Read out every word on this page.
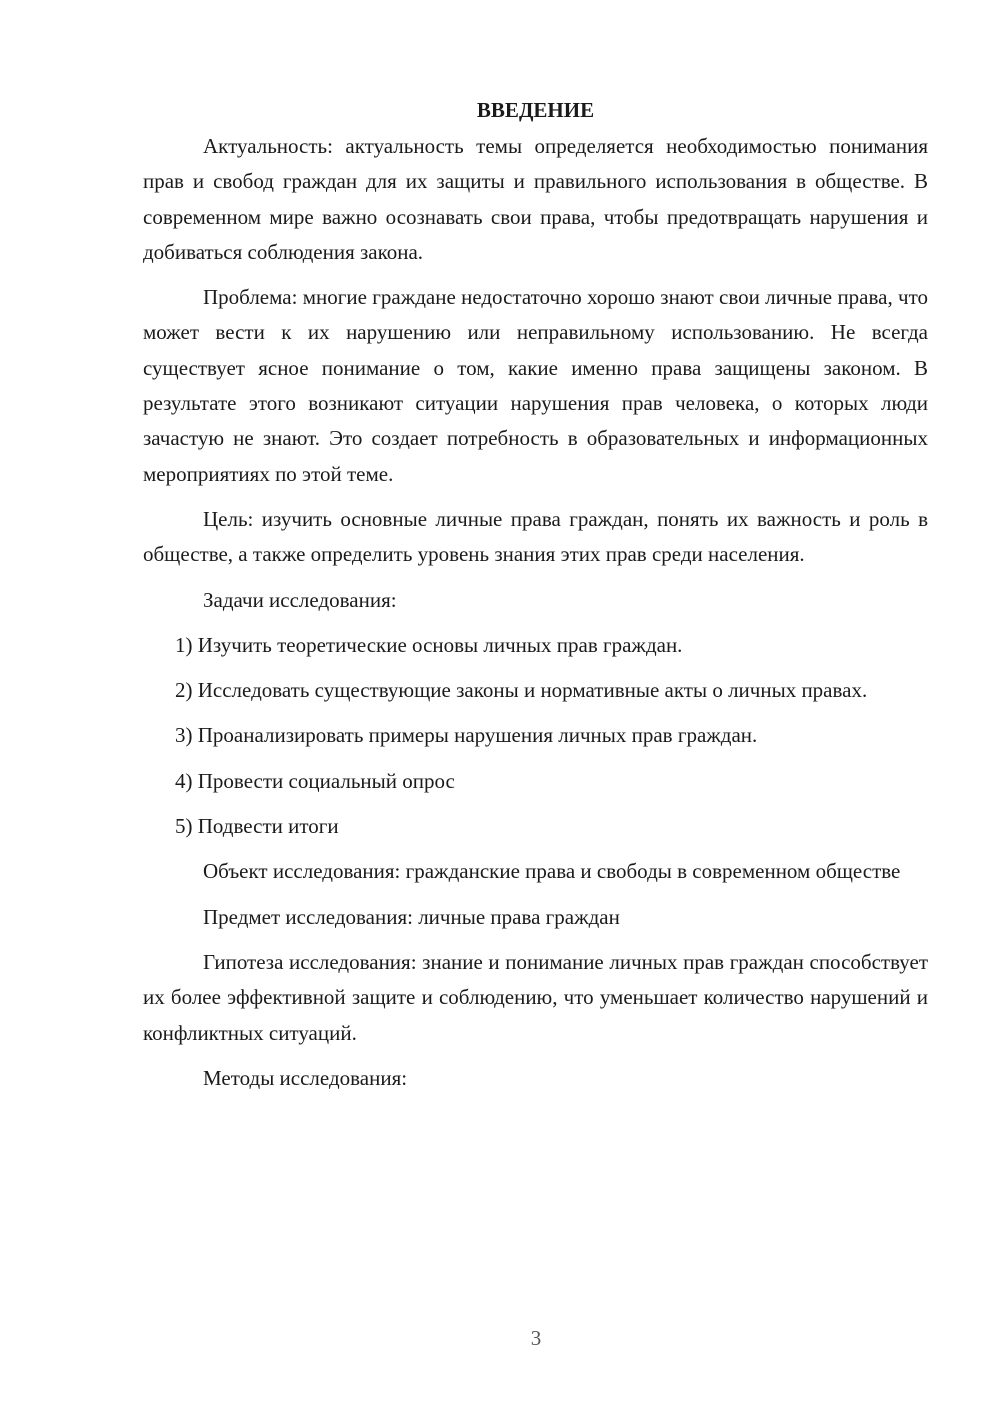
ВВЕДЕНИЕ

Актуальность: актуальность темы определяется необходимостью понимания прав и свобод граждан для их защиты и правильного использования в обществе. В современном мире важно осознавать свои права, чтобы предотвращать нарушения и добиваться соблюдения закона.

Проблема: многие граждане недостаточно хорошо знают свои личные права, что может вести к их нарушению или неправильному использованию. Не всегда существует ясное понимание о том, какие именно права защищены законом. В результате этого возникают ситуации нарушения прав человека, о которых люди зачастую не знают. Это создает потребность в образовательных и информационных мероприятиях по этой теме.

Цель: изучить основные личные права граждан, понять их важность и роль в обществе, а также определить уровень знания этих прав среди населения.

Задачи исследования:

1) Изучить теоретические основы личных прав граждан.

2) Исследовать существующие законы и нормативные акты о личных правах.

3) Проанализировать примеры нарушения личных прав граждан.

4) Провести социальный опрос

5) Подвести итоги

Объект исследования: гражданские права и свободы в современном обществе

Предмет исследования: личные права граждан

Гипотеза исследования: знание и понимание личных прав граждан способствует их более эффективной защите и соблюдению, что уменьшает количество нарушений и конфликтных ситуаций.

Методы исследования:

3
